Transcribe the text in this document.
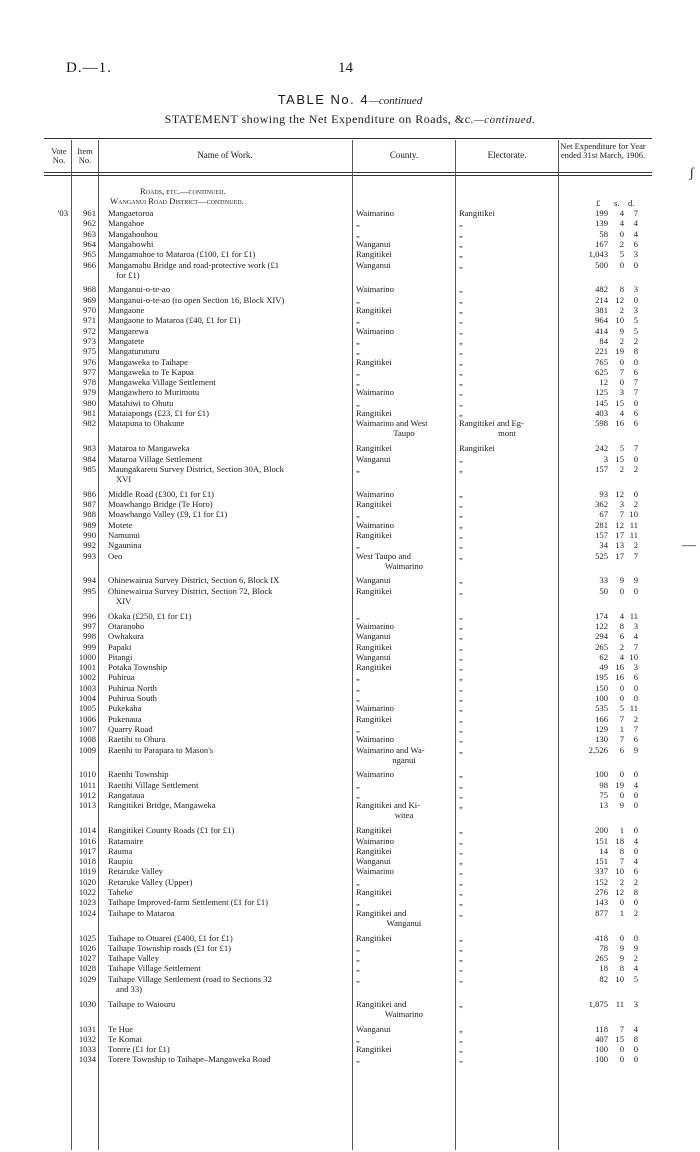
D.—1.	14
TABLE No. 4—continued
STATEMENT showing the Net Expenditure on Roads, &c.—continued.
Vote No.
Item No.	Name of Work.	County.	Electorate.
Net Expenditure for Year ended 31st March, 1906.
Roads, etc.—continued.
Wanganui Road District—continued.	£ s. d.
ʃ
—
'03	961 Mangaetoroa	Waimarino	Rangitikei	199	4	7
962 Mangahoe	„	„	139	4	4
963 Mangahouhou	„	„	58	0	4
964 Mangahowhi	Wanganui	„	167	2	6
965 Mangamahoe to Mataroa (£100, £1 for £1)	Rangitikei	„	1,043	5	3
966 Mangamahu Bridge and road-protective work (£1	Wanganui	„	500	0	0
for £1)
968 Manganui-o-te-ao	Waimarino	„	482	8	3
969 Manganui-o-te-ao (to open Section 16, Block XIV)	„	„	214 12	0
970 Mangaone	Rangitikei	„	381	2	3
971 Mangaone to Mataroa (£40, £1 for £1)	„	„	964 10	5
972 Mangarewa	Waimarino	„	414	9	5
973 Mangatete	„	„	84	2	2
975 Mangaturuturu	„	„	221 19	8
976 Mangaweka to Taihape	Rangitikei	„	765	0	0
977 Mangaweka to Te Kapua	„	„	625	7	6
978 Mangaweka Village Settlement	„	„	12	0	7
979 Mangawhero to Murimotu	Waimarino	„	125	3	7
980 Matahiwi to Ohutu	„	„	145 15	0
981 Mataiapongs (£23, £1 for £1)	Rangitikei	„	403	4	6
982 Matapuna to Ohakune	Waimarino and West	Rangitikei and Eg-	598 16	6
Taupo	mont
983 Mataroa to Mangaweka	Rangitikei	Rangitikei	242	5	7
984 Mataroa Village Settlement	Wanganui	„	3 15	0
985 Maungakaretu Survey District, Section 30A, Block	„	„	157	2	2
XVI
986 Middle Road (£300, £1 for £1)	Waimarino	„	93 12	0
987 Moawhango Bridge (Te Horo)	Rangitikei	„	362	3	2
988 Moawhango Valley (£9, £1 for £1)	„	„	67	7 10
989 Motete	Waimarino	„	281 12 11
990 Namunui	Rangitikei	„	157 17 11
992 Ngaunina	„	„	34 13	2
993 Oeo	West Taupo and	„	525 17	7
Waimarino
994 Ohinewairua Survey District, Section 6, Block IX	Wanganui	„	33	9	9
995 Ohinewairua Survey District, Section 72, Block	Rangitikei	„	50	0	0
XIV
996 Okaka (£250, £1 for £1)	„	„	174	4 11
997 Otaranoho	Waimarino	„	122	8	3
998 Owhakura	Wanganui	„	294	6	4
999 Papaki	Rangitikei	„	265	2	7
1000 Pitangi	Wanganui	„	62	4 10
1001 Potaka Township	Rangitikei	„	49 16	3
1002 Puhirua	„	„	195 16	6
1003 Puhirua North	„	„	150	0	0
1004 Puhirua South	„	„	100	0	0
1005 Pukekaha	Waimarino	„	535	5 11
1006 Pukenaua	Rangitikei	„	166	7	2
1007 Quarry Road	„	„	129	1	7
1008 Raetihi to Ohura	Waimarino	„	130	7	6
1009 Raetihi to Parapara to Mason's	Waimarino and Wa-	„	2,526	6	9
nganui
1010 Raetihi Township	Waimarino	„	100	0	0
1011 Raetihi Village Settlement	„	„	98 19	4
1012 Rangataua	„	„	75	0	0
1013 Rangitikei Bridge, Mangaweka	Rangitikei and Ki-	„	13	9	0
witea
1014 Rangitikei County Roads (£1 for £1)	Rangitikei	„	200	1	0
1016 Ratamaire	Waimarino	„	151 18	4
1017 Rauma	Rangitikei	„	14	8	0
1018 Raupiu	Wanganui	„	151	7	4
1019 Retaruke Valley	Waimarino	„	337 10	6
1020 Retaruke Valley (Upper)	„	„	152	2	2
1022 Taheke	Rangitikei	„	276 12	8
1023 Taihape Improved-farm Settlement (£1 for £1)	„	„	143	0	0
1024 Taihape to Mataroa	Rangitikei and	„	877	1	2
Wanganui
1025 Taihape to Otuarei (£400, £1 for £1)	Rangitikei	„	418	0	0
1026 Taihape Township roads (£1 for £1)	„	„	78	9	9
1027 Taihape Valley	„	„	265	9	2
1028 Taihape Village Settlement	„	„	18	8	4
1029 Taihape Village Settlement (road to Sections 32	„	„	82 10	5
and 33)
1030 Taihape to Waiouru	Rangitikei and	„	1,875 11	3
Waimarino
1031 Te Hue	Wanganui	„	118	7	4
1032 Te Komai	„	„	407 15	8
1033 Torere (£1 for £1)	Rangitikei	„	100	0	0
1034 Torere Township to Taihape–Mangaweka Road	„	„	100	0	0
